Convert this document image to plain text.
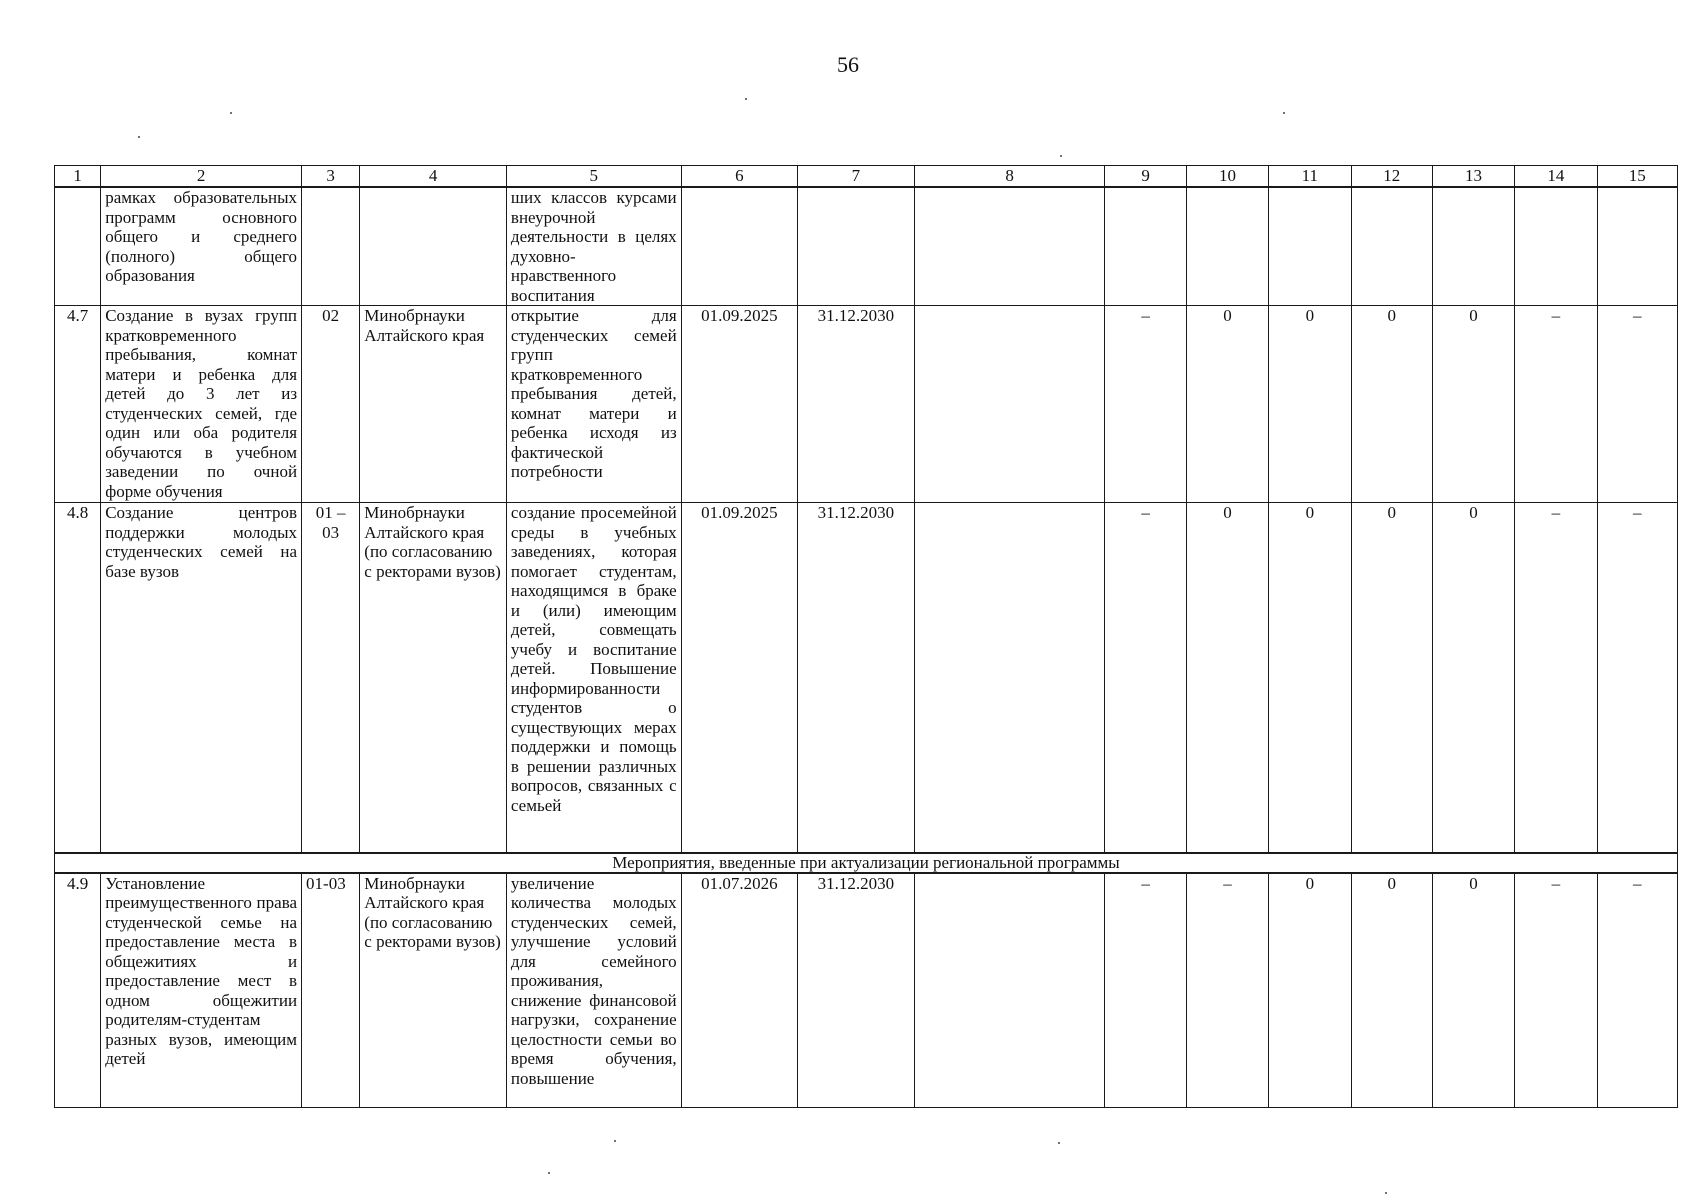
56
1	2	3	4	5	6	7	8	9	10	11	12	13	14	15
	рамках образовательных программ основного общего и среднего (полного) общего образования			ших классов курсами внеурочной деятельности в целях духовно-нравственного воспитания										
4.7	Создание в вузах групп кратковременного пребывания, комнат матери и ребенка для детей до 3 лет из студенческих семей, где один или оба родителя обучаются в учебном заведении по очной форме обучения	02	Минобрнауки Алтайского края	открытие для студенческих семей групп кратковременного пребывания детей, комнат матери и ребенка исходя из фактической потребности	01.09.2025	31.12.2030		–	0	0	0	0	–	–
4.8	Создание центров поддержки молодых студенческих семей на базе вузов	01 – 03	Минобрнауки Алтайского края (по согласованию с ректорами вузов)	создание просемейной среды в учебных заведениях, которая помогает студентам, находящимся в браке и (или) имеющим детей, совмещать учебу и воспитание детей. Повышение информированности студентов о существующих мерах поддержки и помощь в решении различных вопросов, связанных с семьей	01.09.2025	31.12.2030		–	0	0	0	0	–	–
Мероприятия, введенные при актуализации региональной программы														
4.9	Установление преимущественного права студенческой семье на предоставление места в общежитиях и предоставление мест в одном общежитии родителям-студентам разных вузов, имеющим детей	01-03	Минобрнауки Алтайского края (по согласованию с ректорами вузов)	увеличение количества молодых студенческих семей, улучшение условий для семейного проживания, снижение финансовой нагрузки, сохранение целостности семьи во время обучения, повышение	01.07.2026	31.12.2030		–	–	0	0	0	–	–
